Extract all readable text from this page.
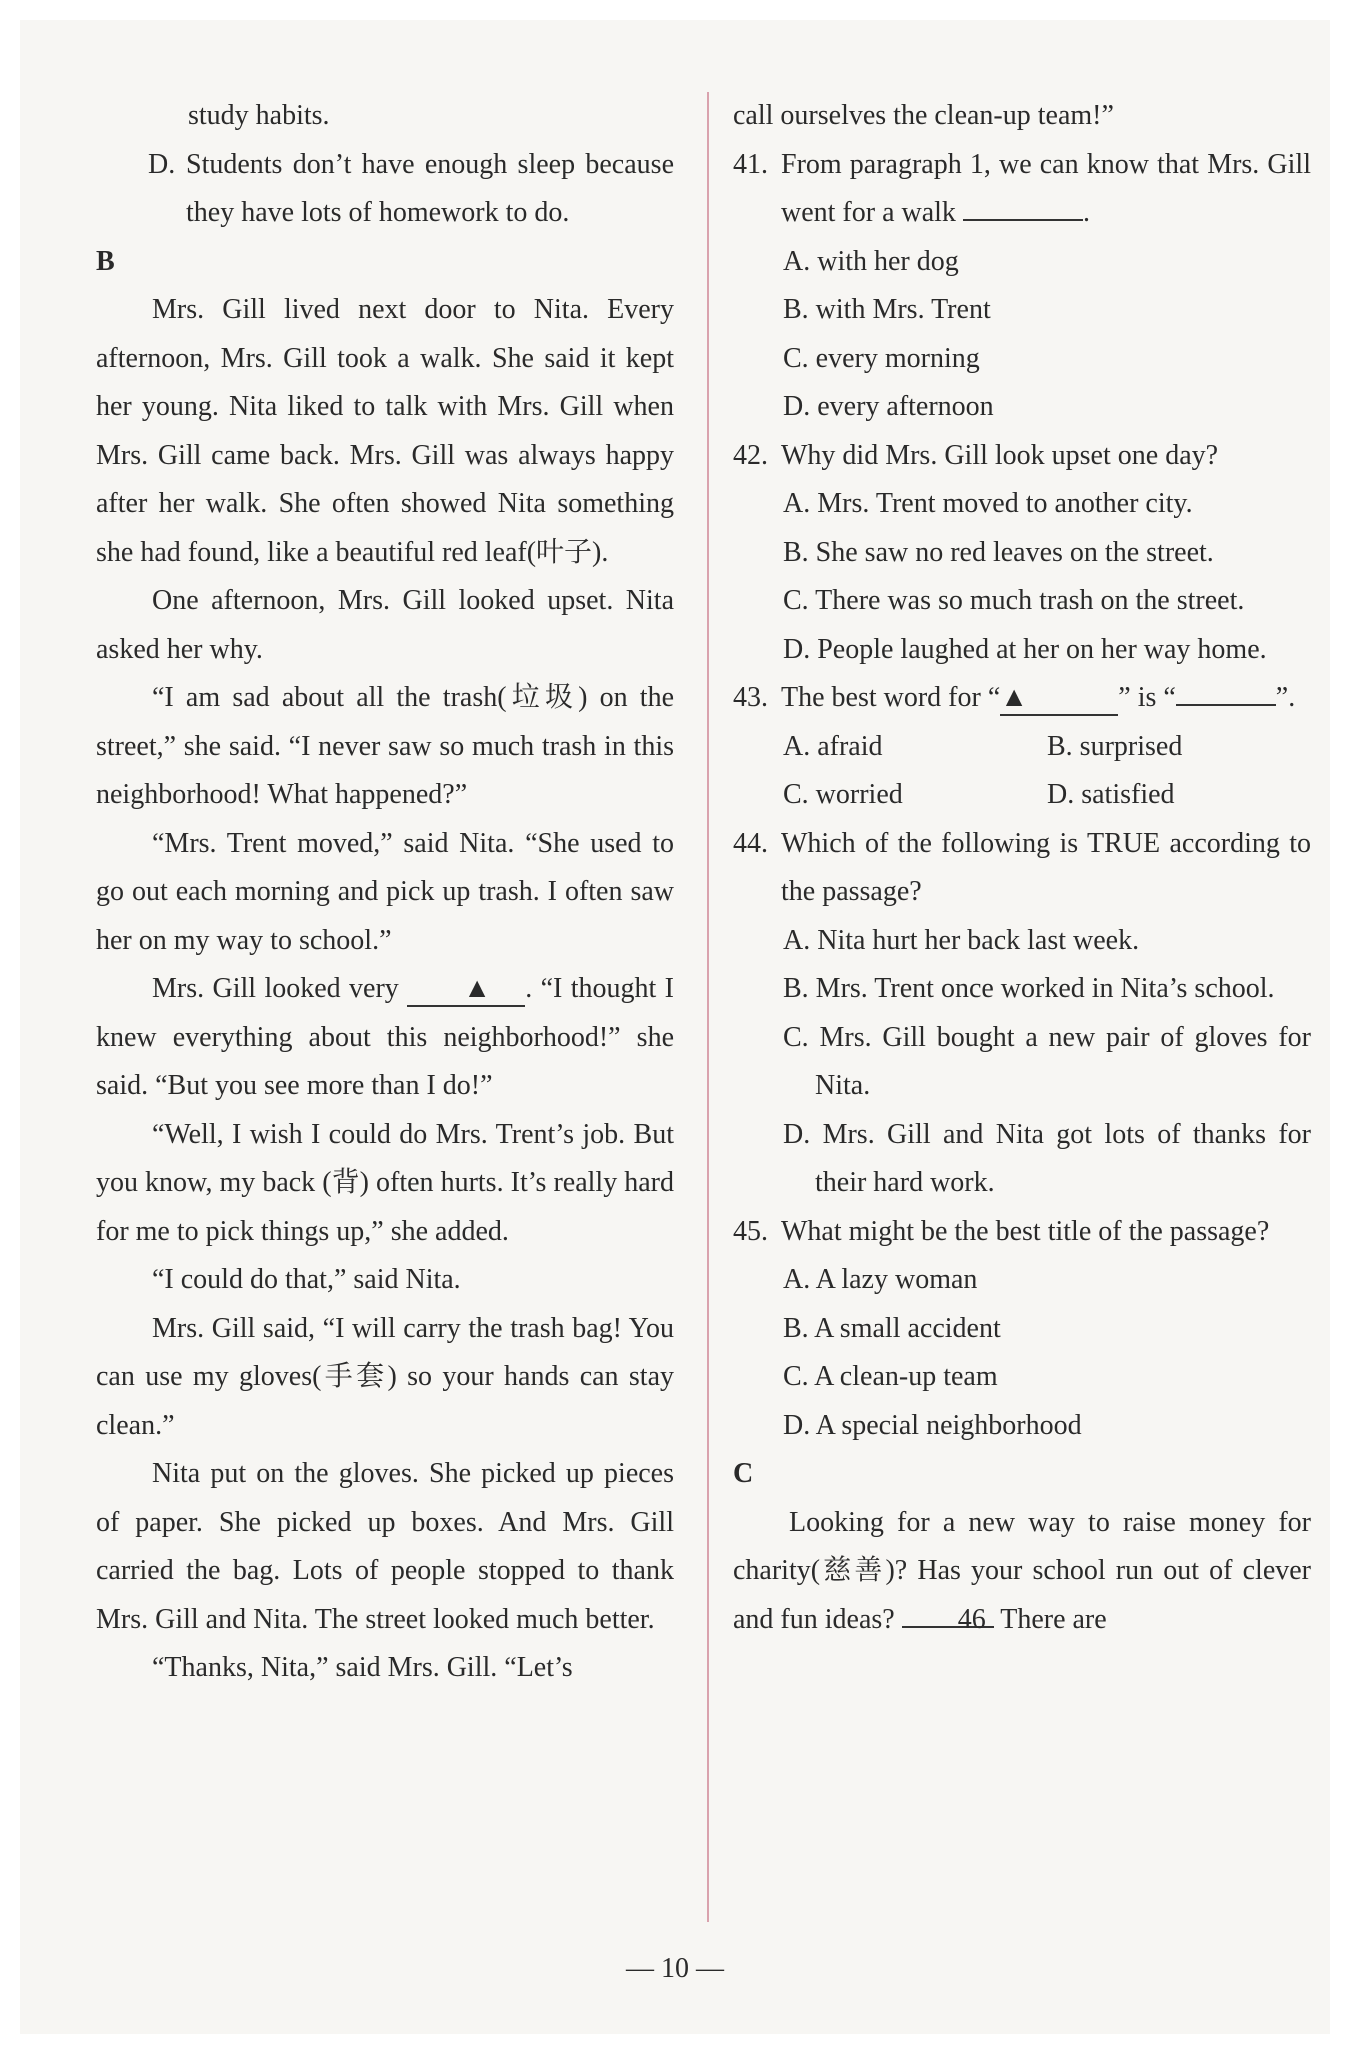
study habits.

D. Students don’t have enough sleep because they have lots of homework to do.

B

Mrs. Gill lived next door to Nita. Every afternoon, Mrs. Gill took a walk. She said it kept her young. Nita liked to talk with Mrs. Gill when Mrs. Gill came back. Mrs. Gill was always happy after her walk. She often showed Nita something she had found, like a beautiful red leaf(叶子).

One afternoon, Mrs. Gill looked upset. Nita asked her why.

“I am sad about all the trash(垃圾) on the street,” she said. “I never saw so much trash in this neighborhood! What happened?”

“Mrs. Trent moved,” said Nita. “She used to go out each morning and pick up trash. I often saw her on my way to school.”

Mrs. Gill looked very ▲ . “I thought I knew everything about this neighborhood!” she said. “But you see more than I do!”

“Well, I wish I could do Mrs. Trent’s job. But you know, my back (背) often hurts. It’s really hard for me to pick things up,” she added.

“I could do that,” said Nita.

Mrs. Gill said, “I will carry the trash bag! You can use my gloves(手套) so your hands can stay clean.”

Nita put on the gloves. She picked up pieces of paper. She picked up boxes. And Mrs. Gill carried the bag. Lots of people stopped to thank Mrs. Gill and Nita. The street looked much better.

“Thanks, Nita,” said Mrs. Gill. “Let’s

call ourselves the clean-up team!”

41. From paragraph 1, we can know that Mrs. Gill went for a walk	.

A. with her dog

B. with Mrs. Trent

C. every morning

D. every afternoon

42. Why did Mrs. Gill look upset one day?

A. Mrs. Trent moved to another city.

B. She saw no red leaves on the street.

C. There was so much trash on the street.

D. People laughed at her on her way home.

43. The best word for “▲	” is “	”.

A. afraid	B. surprised
C. worried	D. satisfied
44. Which of the following is TRUE according to the passage?

A. Nita hurt her back last week.

B. Mrs. Trent once worked in Nita’s school.

C. Mrs. Gill bought a new pair of gloves for Nita.

D. Mrs. Gill and Nita got lots of thanks for their hard work.

45. What might be the best title of the passage?

A. A lazy woman

B. A small accident

C. A clean-up team

D. A special neighborhood

C

Looking for a new way to raise money for charity(慈善)? Has your school run out of clever and fun ideas? 46 There are

— 10 —
